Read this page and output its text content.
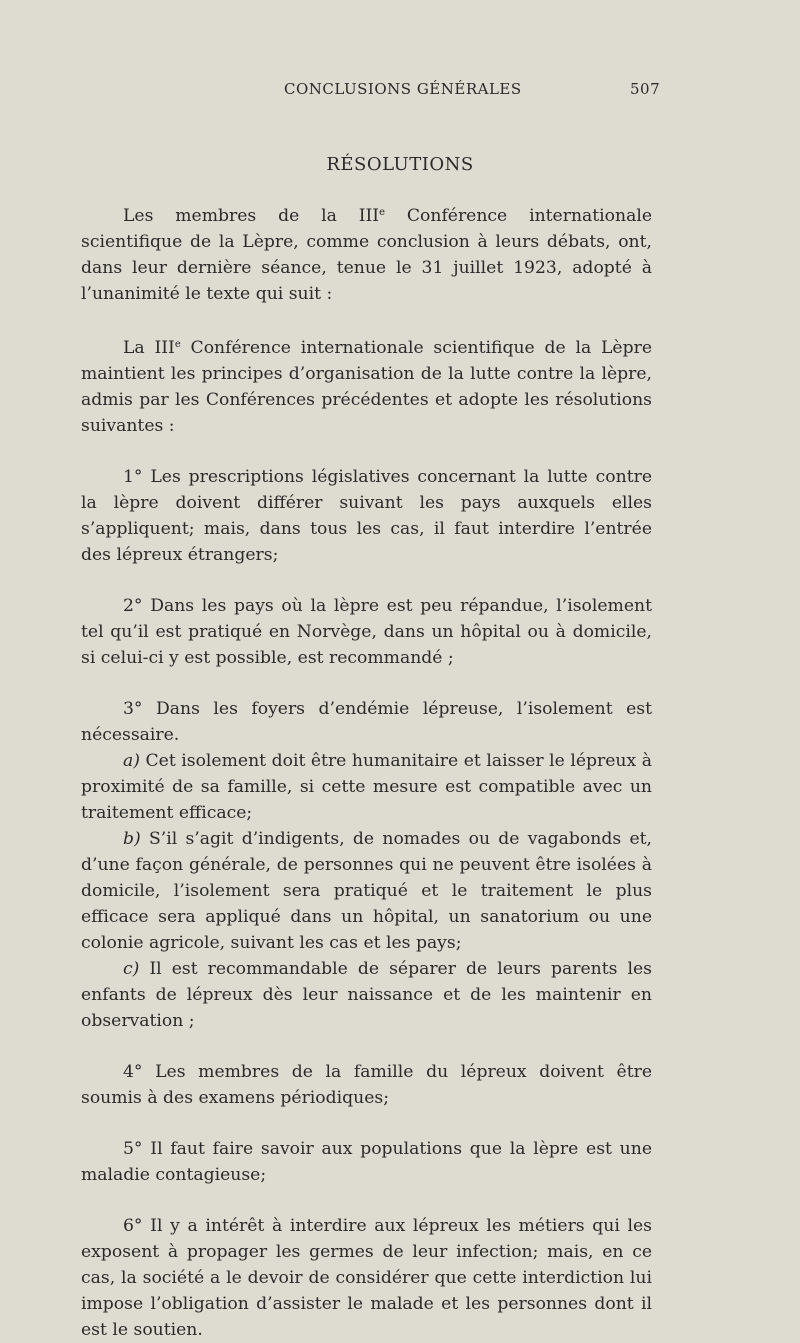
CONCLUSIONS GÉNÉRALES	507
RÉSOLUTIONS

Les membres de la IIIe Conférence internationale scientifique de la Lèpre, comme conclusion à leurs débats, ont, dans leur dernière séance, tenue le 31 juillet 1923, adopté à l’unanimité le texte qui suit :

La IIIe Conférence internationale scientifique de la Lèpre maintient les principes d’organisation de la lutte contre la lèpre, admis par les Conférences précédentes et adopte les résolutions suivantes :

1° Les prescriptions législatives concernant la lutte contre la lèpre doivent différer suivant les pays auxquels elles s’appliquent; mais, dans tous les cas, il faut interdire l’entrée des lépreux étrangers;

2° Dans les pays où la lèpre est peu répandue, l’isolement tel qu’il est pratiqué en Norvège, dans un hôpital ou à domicile, si celui-ci y est possible, est recommandé ;

3° Dans les foyers d’endémie lépreuse, l’isolement est nécessaire.

a) Cet isolement doit être humanitaire et laisser le lépreux à proximité de sa famille, si cette mesure est compatible avec un traitement efficace;

b) S’il s’agit d’indigents, de nomades ou de vagabonds et, d’une façon générale, de personnes qui ne peuvent être isolées à domicile, l’isolement sera pratiqué et le traitement le plus efficace sera appliqué dans un hôpital, un sanatorium ou une colonie agricole, suivant les cas et les pays;

c) Il est recommandable de séparer de leurs parents les enfants de lépreux dès leur naissance et de les maintenir en observation ;

4° Les membres de la famille du lépreux doivent être soumis à des examens périodiques;

5° Il faut faire savoir aux populations que la lèpre est une maladie contagieuse;

6° Il y a intérêt à interdire aux lépreux les métiers qui les exposent à propager les germes de leur infection; mais, en ce cas, la société a le devoir de considérer que cette interdiction lui impose l’obligation d’assister le malade et les personnes dont il est le soutien.
